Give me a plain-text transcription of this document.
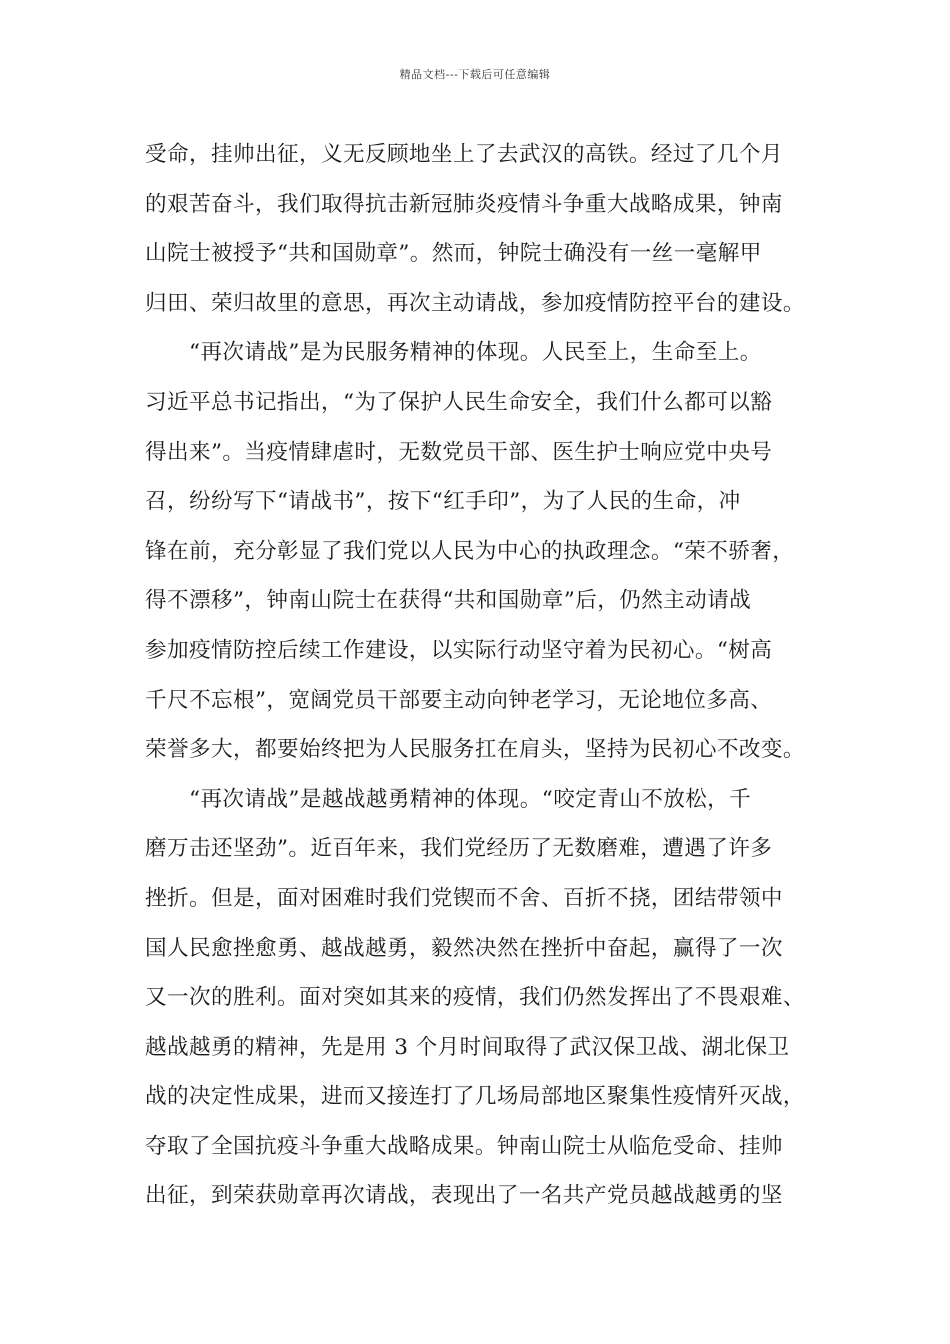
精品文档---下载后可任意编辑
受命，挂帅出征，义无反顾地坐上了去武汉的高铁。经过了几个月
的艰苦奋斗，我们取得抗击新冠肺炎疫情斗争重大战略成果，钟南
山院士被授予“共和国勋章”。然而，钟院士确没有一丝一毫解甲
归田、荣归故里的意思，再次主动请战，参加疫情防控平台的建设。
“再次请战”是为民服务精神的体现。人民至上，生命至上。
习近平总书记指出，“为了保护人民生命安全，我们什么都可以豁
得出来”。当疫情肆虐时，无数党员干部、医生护士响应党中央号
召，纷纷写下“请战书”，按下“红手印”，为了人民的生命，冲
锋在前，充分彰显了我们党以人民为中心的执政理念。“荣不骄奢，
得不漂移”，钟南山院士在获得“共和国勋章”后，仍然主动请战
参加疫情防控后续工作建设，以实际行动坚守着为民初心。“树高
千尺不忘根”，宽阔党员干部要主动向钟老学习，无论地位多高、
荣誉多大，都要始终把为人民服务扛在肩头，坚持为民初心不改变。
“再次请战”是越战越勇精神的体现。“咬定青山不放松，千
磨万击还坚劲”。近百年来，我们党经历了无数磨难，遭遇了许多
挫折。但是，面对困难时我们党锲而不舍、百折不挠，团结带领中
国人民愈挫愈勇、越战越勇，毅然决然在挫折中奋起，赢得了一次
又一次的胜利。面对突如其来的疫情，我们仍然发挥出了不畏艰难、
越战越勇的精神，先是用 3 个月时间取得了武汉保卫战、湖北保卫
战的决定性成果，进而又接连打了几场局部地区聚集性疫情歼灭战，
夺取了全国抗疫斗争重大战略成果。钟南山院士从临危受命、挂帅
出征，到荣获勋章再次请战，表现出了一名共产党员越战越勇的坚
